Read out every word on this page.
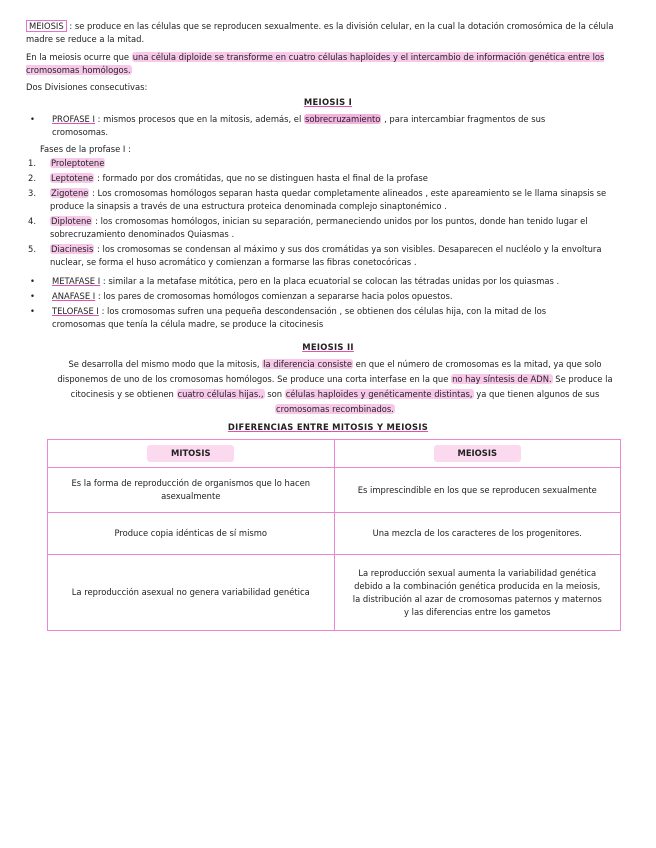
MEIOSIS : se produce en las células que se reproducen sexualmente. es la división celular, en la cual la dotación cromosómica de la célula madre se reduce a la mitad.
En la meiosis ocurre que una célula diploide se transforme en cuatro células haploides y el intercambio de información genética entre los cromosomas homólogos.
Dos Divisiones consecutivas:
MEIOSIS I
•	PROFASE I : mismos procesos que en la mitosis, además, el sobrecruzamiento , para intercambiar fragmentos de sus cromosomas.
Fases de la profase I :
1.	Proleptotene
2.	Leptotene : formado por dos cromátidas, que no se distinguen hasta el final de la profase
3.	Zigotene : Los cromosomas homólogos separan hasta quedar completamente alineados , este apareamiento se le llama sinapsis se produce la sinapsis a través de una estructura proteica denominada complejo sinaptonémico .
4.	Diplotene : los cromosomas homólogos, inician su separación, permaneciendo unidos por los puntos, donde han tenido lugar el sobrecruzamiento denominados Quiasmas .
5.	Diacinesis : los cromosomas se condensan al máximo y sus dos cromátidas ya son visibles. Desaparecen el nucléolo y la envoltura nuclear, se forma el huso acromático y comienzan a formarse las fibras conetocóricas .
•	METAFASE I : similar a la metafase mitótica, pero en la placa ecuatorial se colocan las tétradas unidas por los quiasmas .
•	ANAFASE I : los pares de cromosomas homólogos comienzan a separarse hacia polos opuestos.
•	TELOFASE I : los cromosomas sufren una pequeña descondensación , se obtienen dos células hija, con la mitad de los cromosomas que tenía la célula madre, se produce la citocinesis
MEIOSIS II
Se desarrolla del mismo modo que la mitosis, la diferencia consiste en que el número de cromosomas es la mitad, ya que solo disponemos de uno de los cromosomas homólogos. Se produce una corta interfase en la que no hay síntesis de ADN. Se produce la citocinesis y se obtienen cuatro células hijas., son células haploides y genéticamente distintas, ya que tienen algunos de sus cromosomas recombinados.
DIFERENCIAS ENTRE MITOSIS Y MEIOSIS
MITOSIS	MEIOSIS
Es la forma de reproducción de organismos que lo hacen asexualmente	Es imprescindible en los que se reproducen sexualmente
Produce copia idénticas de sí mismo	Una mezcla de los caracteres de los progenitores.
La reproducción asexual no genera variabilidad genética	La reproducción sexual aumenta la variabilidad genética debido a la combinación genética producida en la meiosis, la distribución al azar de cromosomas paternos y maternos y las diferencias entre los gametos
